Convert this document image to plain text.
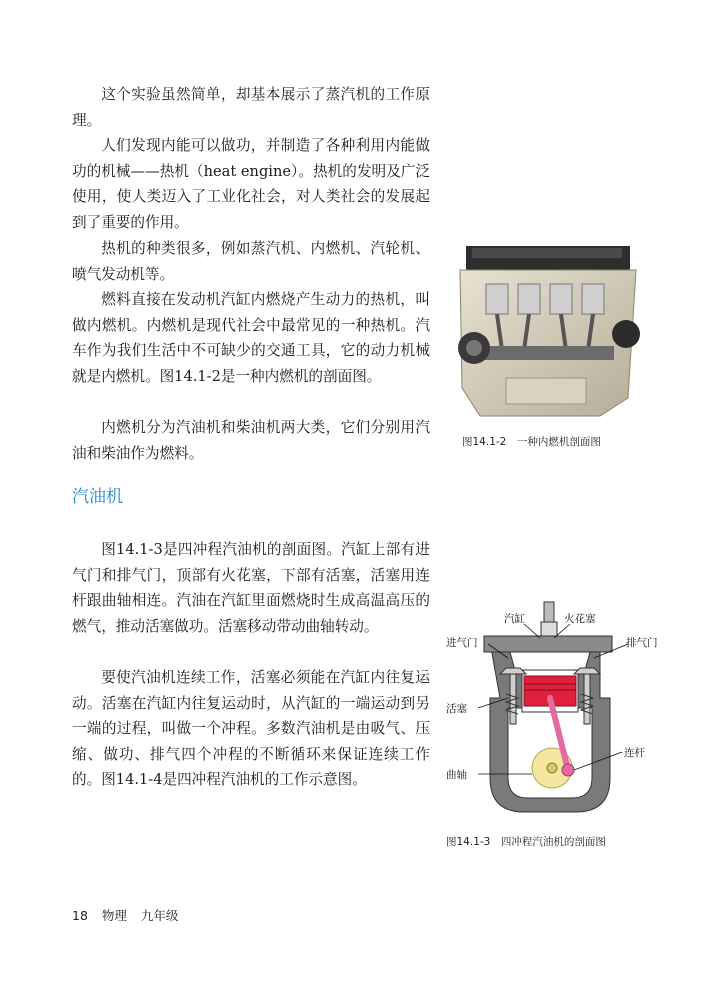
这个实验虽然简单，却基本展示了蒸汽机的工作原理。

人们发现内能可以做功，并制造了各种利用内能做功的机械——热机（heat engine）。热机的发明及广泛使用，使人类迈入了工业化社会，对人类社会的发展起到了重要的作用。

热机的种类很多，例如蒸汽机、内燃机、汽轮机、喷气发动机等。

燃料直接在发动机汽缸内燃烧产生动力的热机，叫做内燃机。内燃机是现代社会中最常见的一种热机。汽车作为我们生活中不可缺少的交通工具，它的动力机械就是内燃机。图14.1-2是一种内燃机的剖面图。

内燃机分为汽油机和柴油机两大类，它们分别用汽油和柴油作为燃料。

汽油机

图14.1-3是四冲程汽油机的剖面图。汽缸上部有进气门和排气门，顶部有火花塞，下部有活塞，活塞用连杆跟曲轴相连。汽油在汽缸里面燃烧时生成高温高压的燃气，推动活塞做功。活塞移动带动曲轴转动。

要使汽油机连续工作，活塞必须能在汽缸内往复运动。活塞在汽缸内往复运动时，从汽缸的一端运动到另一端的过程，叫做一个冲程。多数汽油机是由吸气、压缩、做功、排气四个冲程的不断循环来保证连续工作的。图14.1-4是四冲程汽油机的工作示意图。

图14.1-2　一种内燃机剖面图
汽缸	火花塞
进气门	排气门
活塞
连杆
曲轴
图14.1-3　四冲程汽油机的剖面图
18 物理 九年级
